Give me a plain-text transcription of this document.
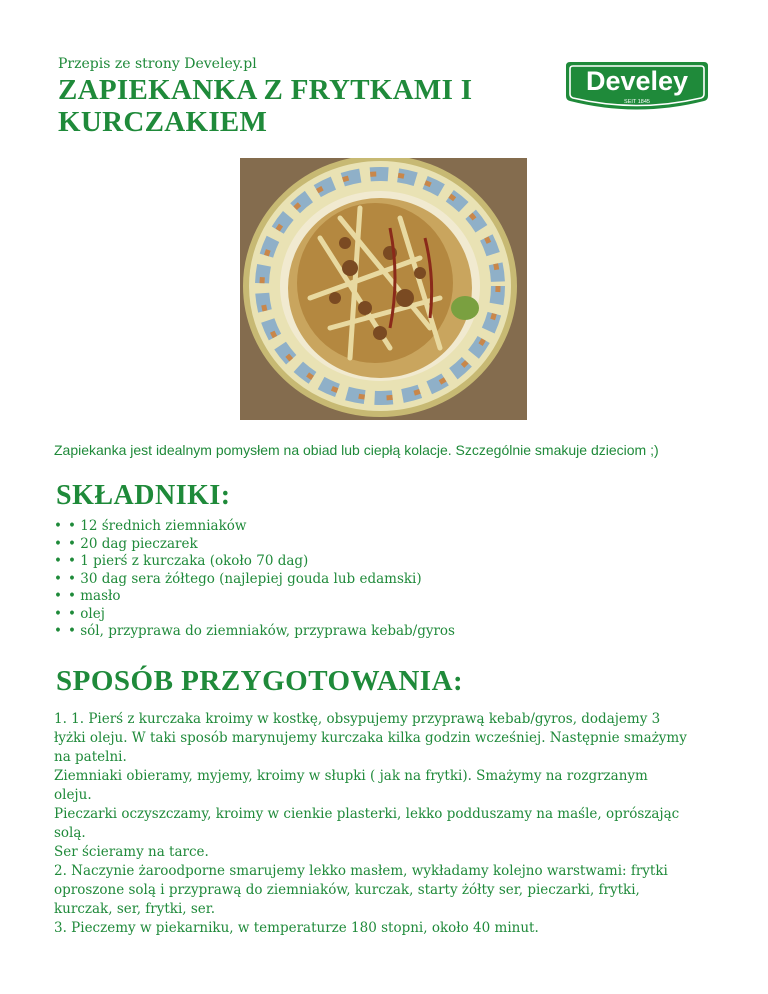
Przepis ze strony Develey.pl
ZAPIEKANKA Z FRYTKAMI I KURCZAKIEM
Develey
SEIT 1845

Zapiekanka jest idealnym pomysłem na obiad lub ciepłą kolacje. Szczególnie smakuje dzieciom ;)

SKŁADNIKI:
• • 12 średnich ziemniaków
• • 20 dag pieczarek
• • 1 pierś z kurczaka (około 70 dag)
• • 30 dag sera żółtego (najlepiej gouda lub edamski)
• • masło
• • olej
• • sól, przyprawa do ziemniaków, przyprawa kebab/gyros
SPOSÓB PRZYGOTOWANIA:

1. 1. Pierś z kurczaka kroimy w kostkę, obsypujemy przyprawą kebab/gyros, dodajemy 3

łyżki oleju. W taki sposób marynujemy kurczaka kilka godzin wcześniej. Następnie smażymy

na patelni.

Ziemniaki obieramy, myjemy, kroimy w słupki ( jak na frytki). Smażymy na rozgrzanym

oleju.

Pieczarki oczyszczamy, kroimy w cienkie plasterki, lekko podduszamy na maśle, oprószając

solą.

Ser ścieramy na tarce.

2. Naczynie żaroodporne smarujemy lekko masłem, wykładamy kolejno warstwami: frytki

oproszone solą i przyprawą do ziemniaków, kurczak, starty żółty ser, pieczarki, frytki,

kurczak, ser, frytki, ser.

3. Pieczemy w piekarniku, w temperaturze 180 stopni, około 40 minut.
